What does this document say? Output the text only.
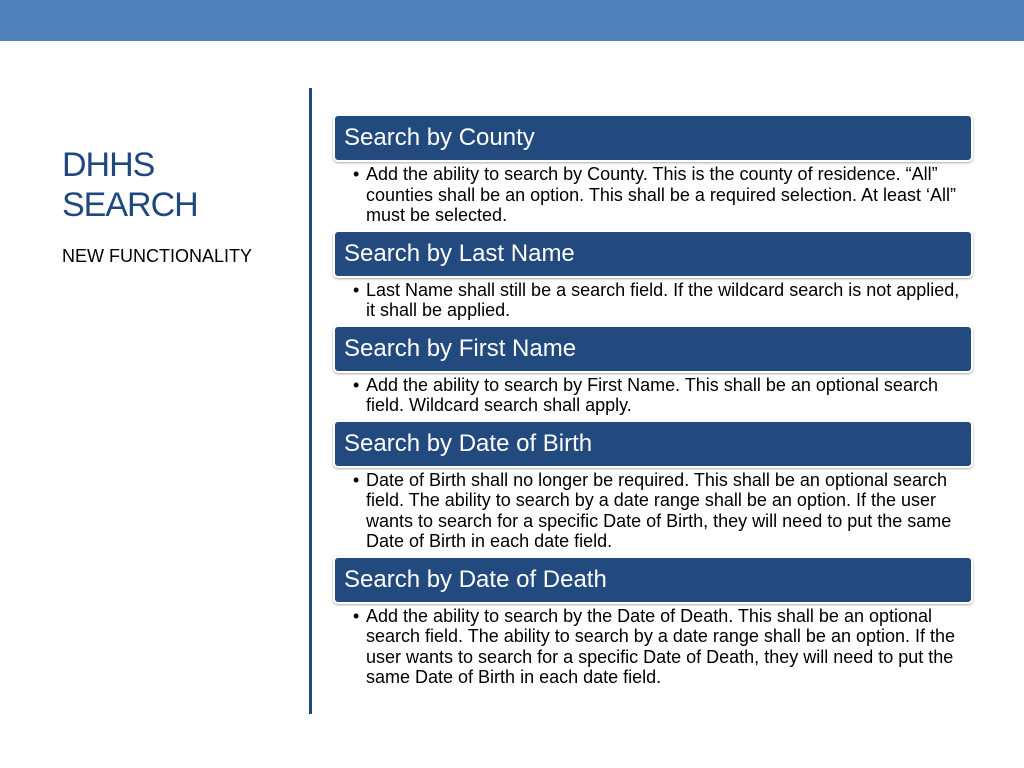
DHHS
SEARCH

NEW FUNCTIONALITY

Search by County
• Add the ability to search by County. This is the county of residence. “All” counties shall be an option. This shall be a required selection. At least ‘All” must be selected.
Search by Last Name
• Last Name shall still be a search field. If the wildcard search is not applied, it shall be applied.
Search by First Name
• Add the ability to search by First Name. This shall be an optional search field. Wildcard search shall apply.
Search by Date of Birth
• Date of Birth shall no longer be required. This shall be an optional search field. The ability to search by a date range shall be an option. If the user wants to search for a specific Date of Birth, they will need to put the same Date of Birth in each date field.
Search by Date of Death
• Add the ability to search by the Date of Death. This shall be an optional search field. The ability to search by a date range shall be an option. If the user wants to search for a specific Date of Death, they will need to put the same Date of Birth in each date field.
